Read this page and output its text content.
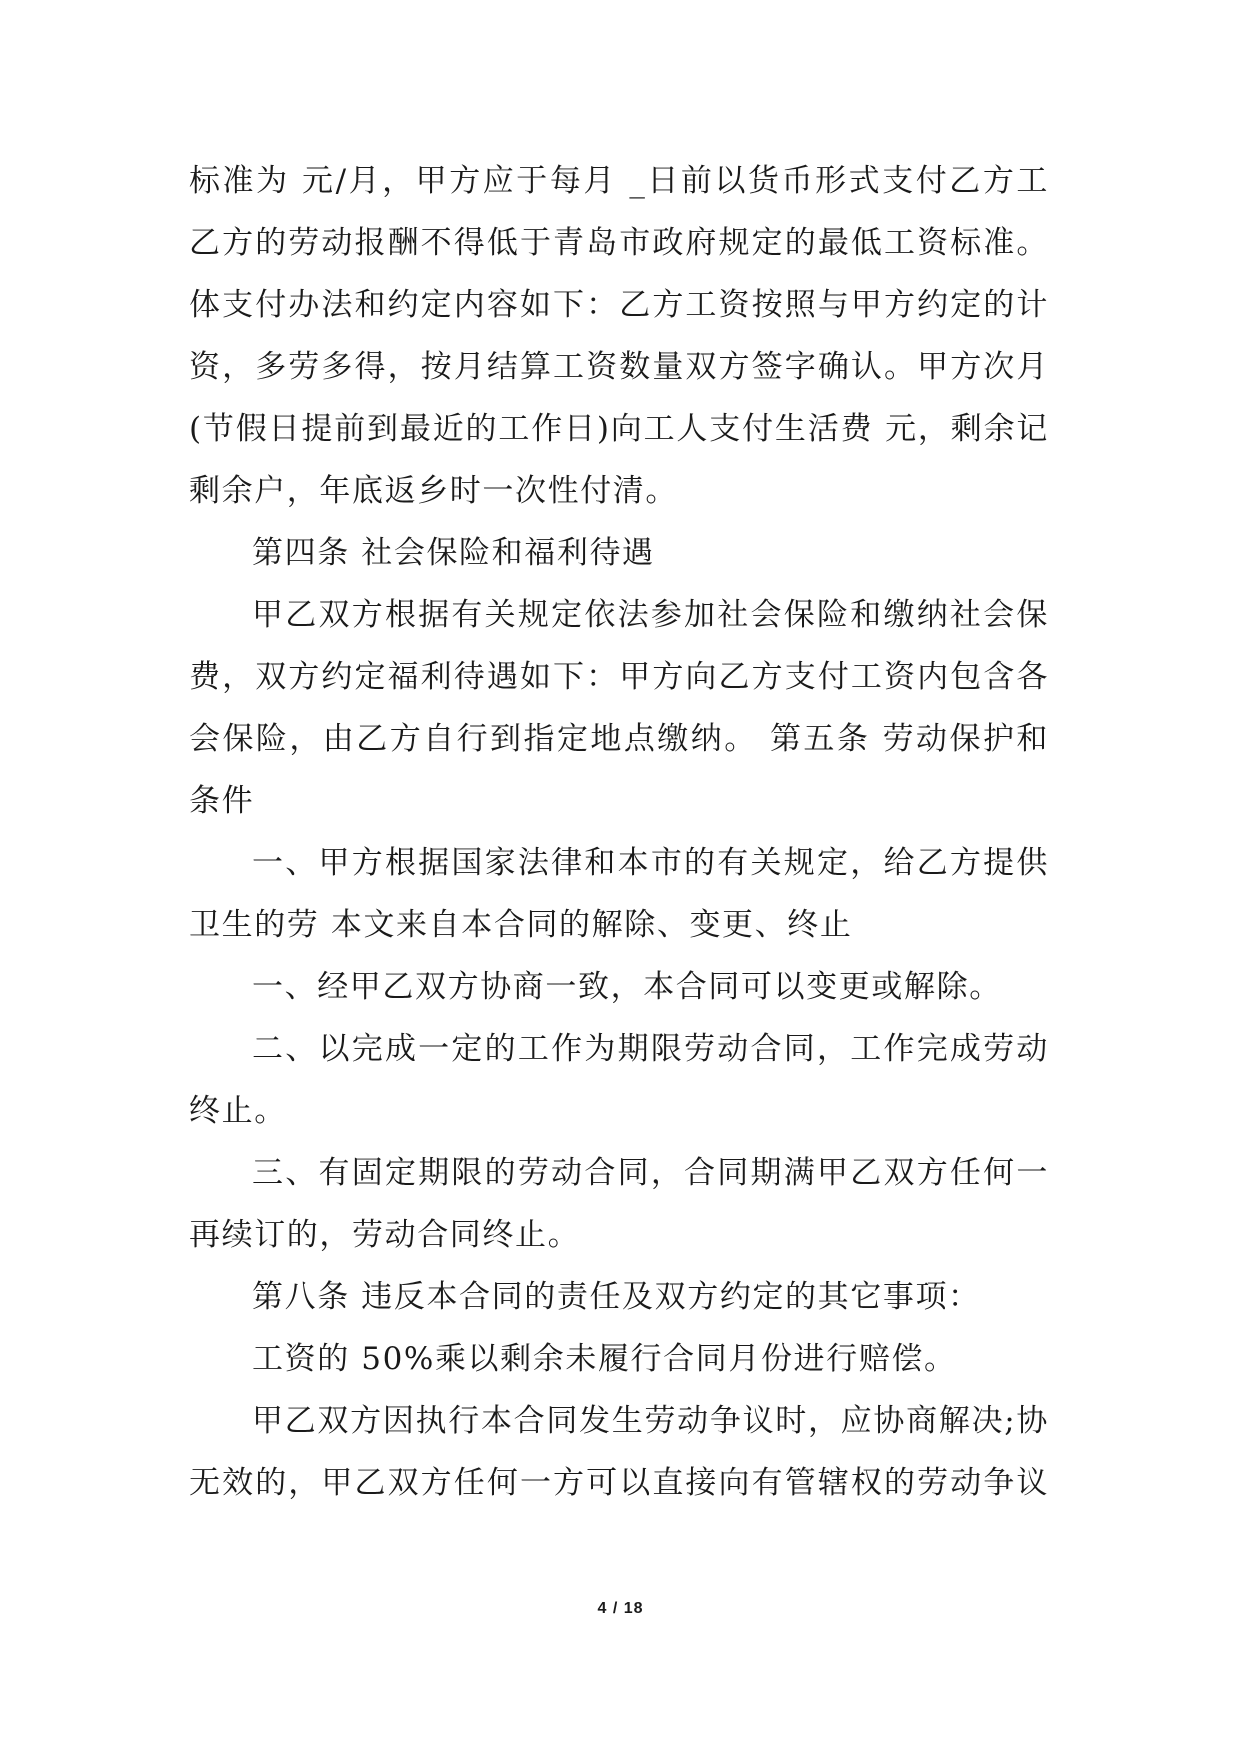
标准为 元/月，甲方应于每月 _日前以货币形式支付乙方工
乙方的劳动报酬不得低于青岛市政府规定的最低工资标准。
体支付办法和约定内容如下：乙方工资按照与甲方约定的计
资，多劳多得，按月结算工资数量双方签字确认。甲方次月
(节假日提前到最近的工作日)向工人支付生活费 元，剩余记
剩余户，年底返乡时一次性付清。
第四条 社会保险和福利待遇
甲乙双方根据有关规定依法参加社会保险和缴纳社会保
费，双方约定福利待遇如下：甲方向乙方支付工资内包含各
会保险，由乙方自行到指定地点缴纳。 第五条 劳动保护和
条件
一、甲方根据国家法律和本市的有关规定，给乙方提供
卫生的劳 本文来自本合同的解除、变更、终止
一、经甲乙双方协商一致，本合同可以变更或解除。
二、以完成一定的工作为期限劳动合同，工作完成劳动
终止。
三、有固定期限的劳动合同，合同期满甲乙双方任何一
再续订的，劳动合同终止。
第八条 违反本合同的责任及双方约定的其它事项：
工资的 50%乘以剩余未履行合同月份进行赔偿。
甲乙双方因执行本合同发生劳动争议时，应协商解决;协
无效的，甲乙双方任何一方可以直接向有管辖权的劳动争议
4 / 18
